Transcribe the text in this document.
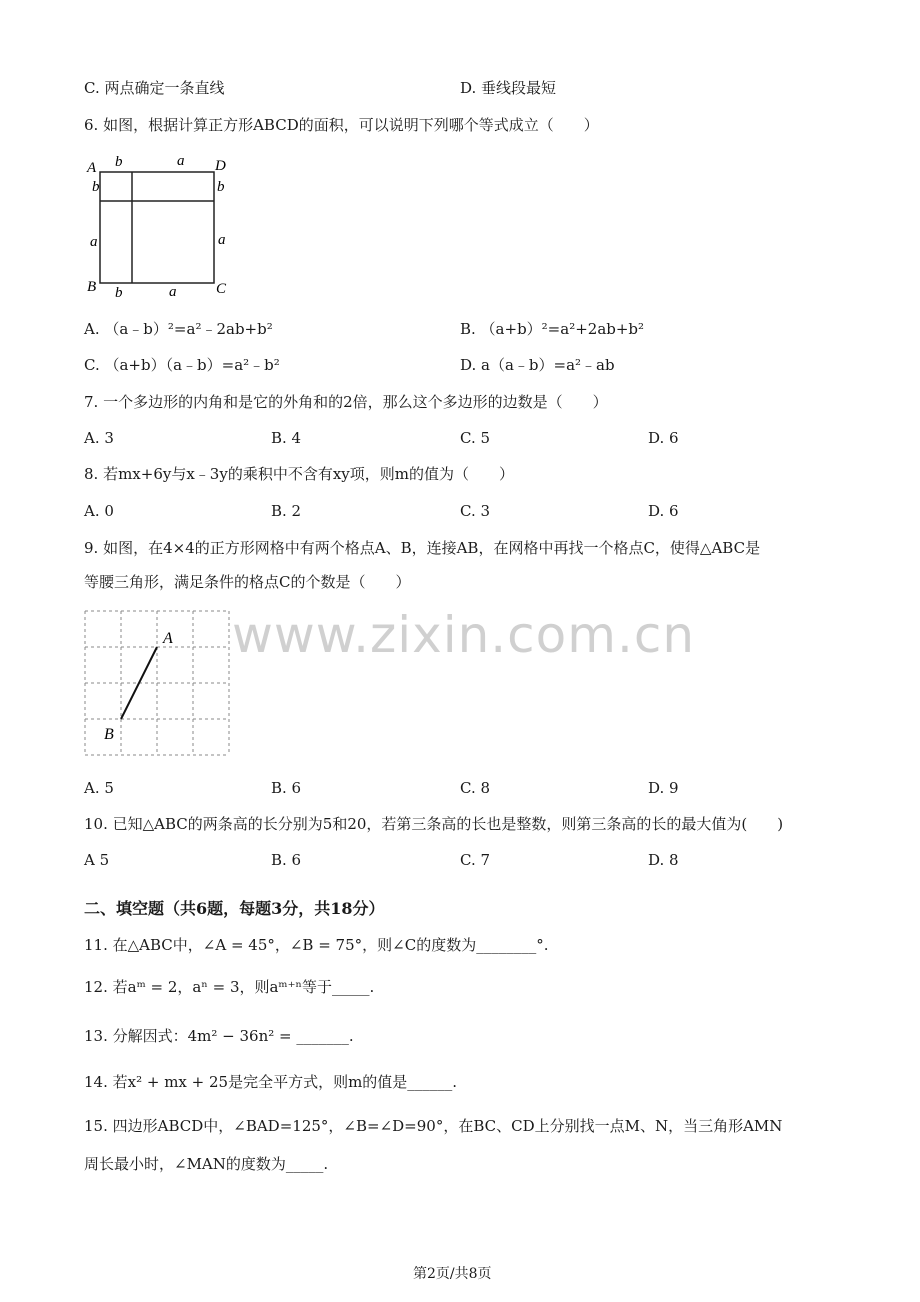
C. 两点确定一条直线	D. 垂线段最短
6. 如图，根据计算正方形ABCD的面积，可以说明下列哪个等式成立（　　）
A	D
B	C
b	a
b
a
b
a
b	a
A. （a﹣b）²=a²﹣2ab+b²	B. （a+b）²=a²+2ab+b²
C. （a+b）（a﹣b）=a²﹣b²	D. a（a﹣b）=a²﹣ab
7. 一个多边形的内角和是它的外角和的2倍，那么这个多边形的边数是（　　）
A. 3	B. 4	C. 5	D. 6
8. 若mx+6y与x﹣3y的乘积中不含有xy项，则m的值为（　　）
A. 0	B. 2	C. 3	D. 6
9. 如图，在4×4的正方形网格中有两个格点A、B，连接AB，在网格中再找一个格点C，使得△ABC是
等腰三角形，满足条件的格点C的个数是（　　）
www.zixin.com.cn
A
B
A. 5	B. 6	C. 8	D. 9
10. 已知△ABC的两条高的长分别为5和20，若第三条高的长也是整数，则第三条高的长的最大值为(　　)
A 5	B. 6	C. 7	D. 8
二、填空题（共6题，每题3分，共18分）
11. 在△ABC中，∠A = 45°，∠B = 75°，则∠C的度数为________°.
12. 若aᵐ = 2，aⁿ = 3，则aᵐ⁺ⁿ等于_____.
13. 分解因式：4m² − 36n² = _______.
14. 若x² + mx + 25是完全平方式，则m的值是______.
15. 四边形ABCD中，∠BAD=125°，∠B=∠D=90°，在BC、CD上分别找一点M、N，当三角形AMN
周长最小时，∠MAN的度数为_____.
第2页/共8页
